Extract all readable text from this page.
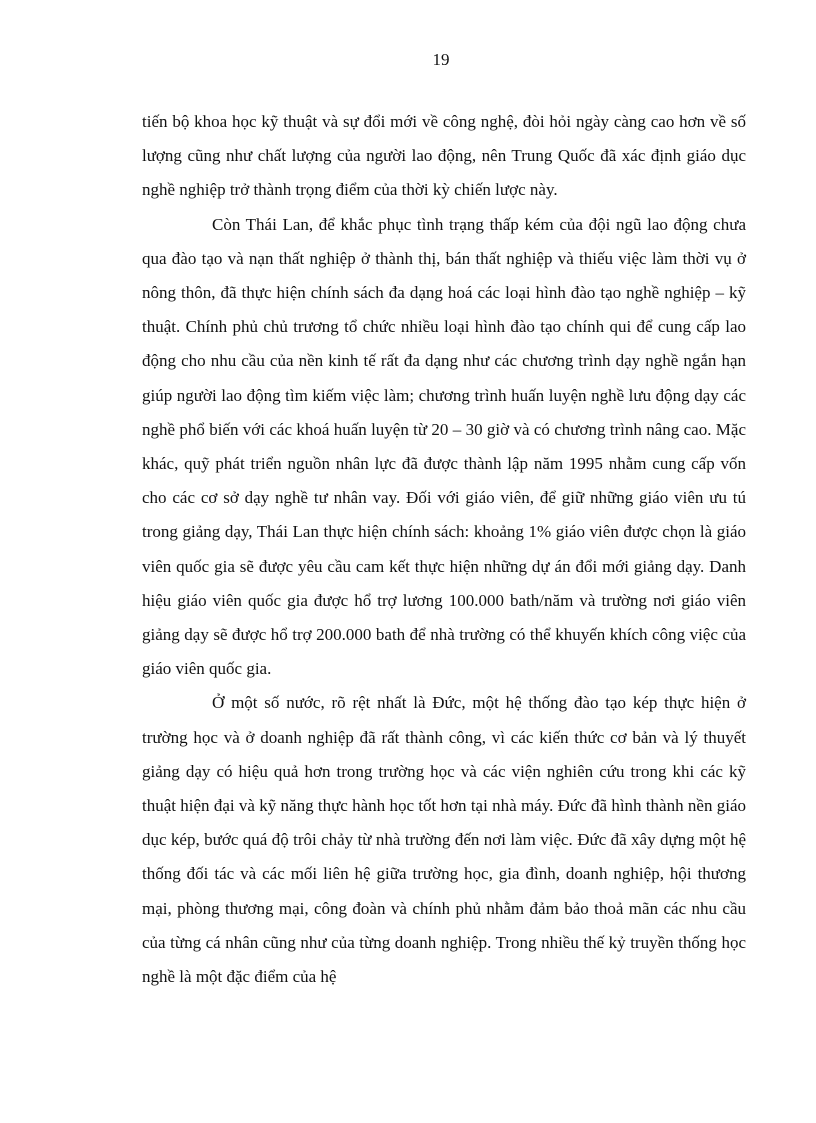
19

tiến bộ khoa học kỹ thuật và sự đổi mới về công nghệ, đòi hỏi ngày càng cao hơn về số lượng cũng như chất lượng của người lao động, nên Trung Quốc đã xác định giáo dục nghề nghiệp trở thành trọng điểm của thời kỳ chiến lược này.

Còn Thái Lan, để khắc phục tình trạng thấp kém của đội ngũ lao động chưa qua đào tạo và nạn thất nghiệp ở thành thị, bán thất nghiệp và thiếu việc làm thời vụ ở nông thôn, đã thực hiện chính sách đa dạng hoá các loại hình đào tạo nghề nghiệp – kỹ thuật. Chính phủ chủ trương tổ chức nhiều loại hình đào tạo chính qui để cung cấp lao động cho nhu cầu của nền kinh tế rất đa dạng như các chương trình dạy nghề ngắn hạn giúp người lao động tìm kiếm việc làm; chương trình huấn luyện nghề lưu động dạy các nghề phổ biến với các khoá huấn luyện từ 20 – 30 giờ và có chương trình nâng cao. Mặc khác, quỹ phát triển nguồn nhân lực đã được thành lập năm 1995 nhằm cung cấp vốn cho các cơ sở dạy nghề tư nhân vay. Đối với giáo viên, để giữ những giáo viên ưu tú trong giảng dạy, Thái Lan thực hiện chính sách: khoảng 1% giáo viên được chọn là giáo viên quốc gia sẽ được yêu cầu cam kết thực hiện những dự án đổi mới giảng dạy. Danh hiệu giáo viên quốc gia được hổ trợ lương 100.000 bath/năm và trường nơi giáo viên giảng dạy sẽ được hổ trợ 200.000 bath để nhà trường có thể khuyến khích công việc của giáo viên quốc gia.

Ở một số nước, rõ rệt nhất là Đức, một hệ thống đào tạo kép thực hiện ở trường học và ở doanh nghiệp đã rất thành công, vì các kiến thức cơ bản và lý thuyết giảng dạy có hiệu quả hơn trong trường học và các viện nghiên cứu trong khi các kỹ thuật hiện đại và kỹ năng thực hành học tốt hơn tại nhà máy. Đức đã hình thành nền giáo dục kép, bước quá độ trôi chảy từ nhà trường đến nơi làm việc. Đức đã xây dựng một hệ thống đối tác và các mối liên hệ giữa trường học, gia đình, doanh nghiệp, hội thương mại, phòng thương mại, công đoàn và chính phủ nhằm đảm bảo thoả mãn các nhu cầu của từng cá nhân cũng như của từng doanh nghiệp. Trong nhiều thế kỷ truyền thống học nghề là một đặc điểm của hệ
